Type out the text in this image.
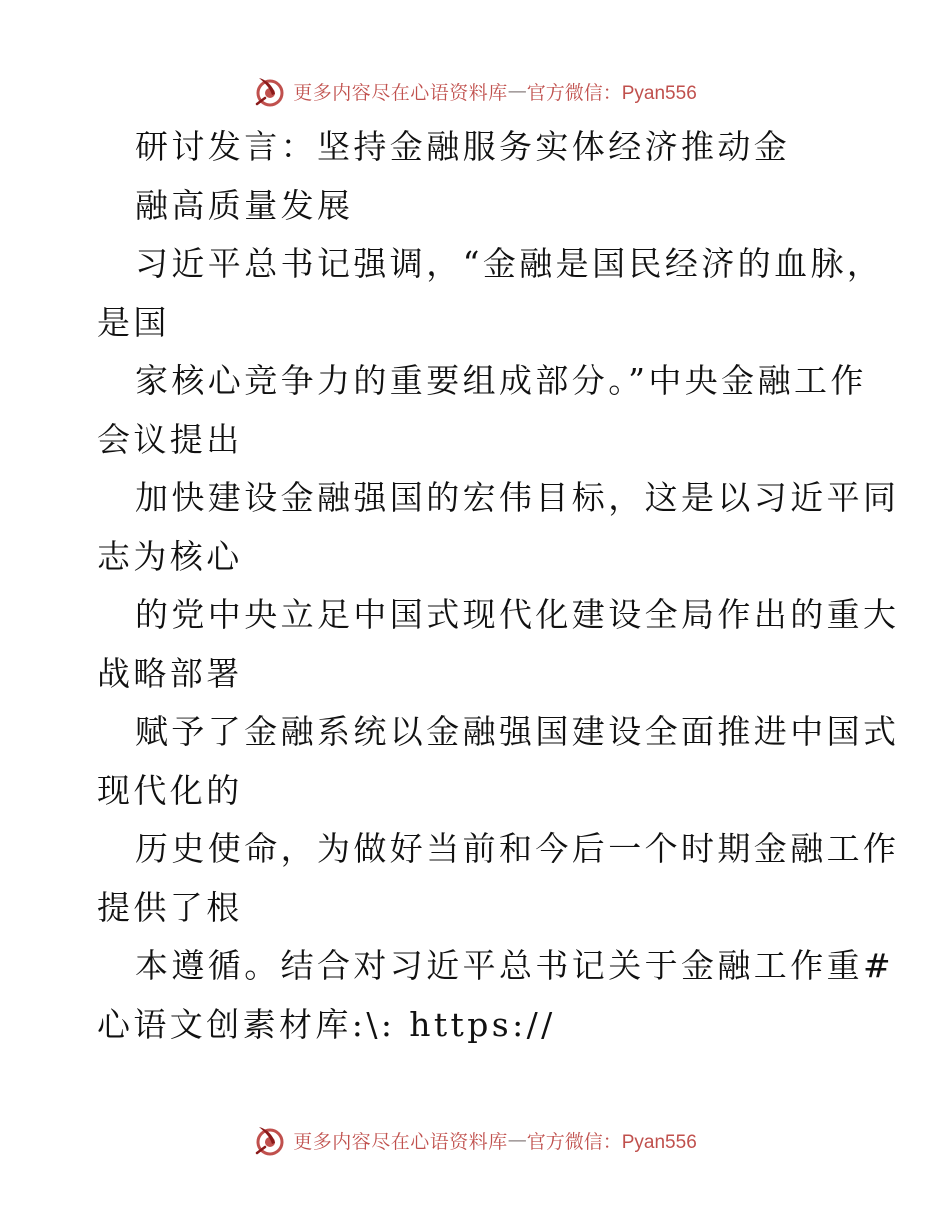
更多内容尽在心语资料库 — 官方微信：Pyan556
研讨发言：坚持金融服务实体经济推动金
融高质量发展
习近平总书记强调，“金融是国民经济的血脉，
是国
家核心竞争力的重要组成部分。”中央金融工作
会议提出
加快建设金融强国的宏伟目标，这是以习近平同
志为核心
的党中央立足中国式现代化建设全局作出的重大
战略部署
赋予了金融系统以金融强国建设全面推进中国式
现代化的
历史使命，为做好当前和今后一个时期金融工作
提供了根
本遵循。结合对习近平总书记关于金融工作重#
心语文创素材库:\: https://
更多内容尽在心语资料库 — 官方微信：Pyan556
